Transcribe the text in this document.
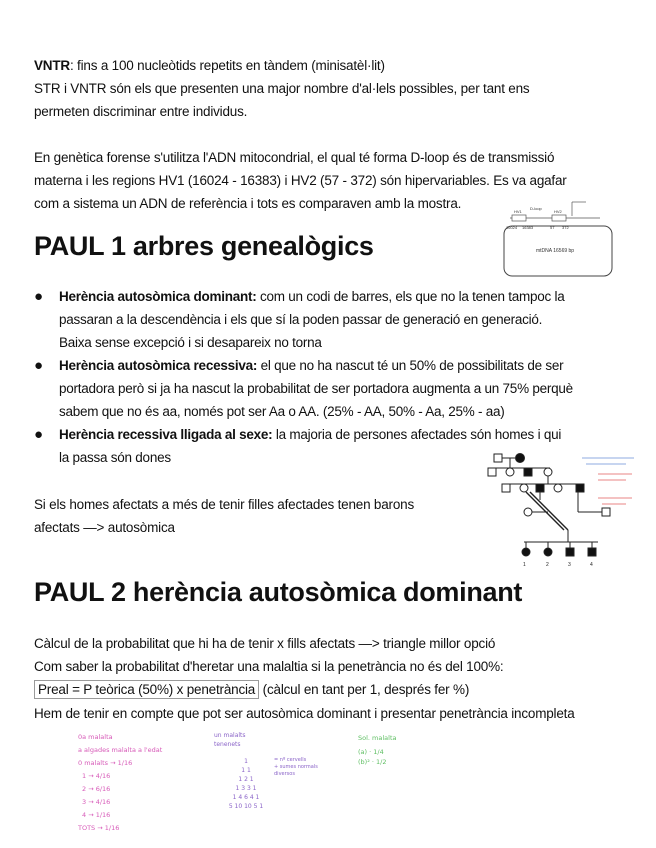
VNTR: fins a 100 nucleòtids repetits en tàndem (minisatèl·lit)
STR i VNTR són els que presenten una major nombre d'al·lels possibles, per tant ens
permeten discriminar entre individus.
En genètica forense s'utilitza l'ADN mitocondrial, el qual té forma D-loop és de transmissió
materna i les regions HV1 (16024 - 16383) i HV2 (57 - 372) són hipervariables. Es va agafar
com a sistema un ADN de referència i tots es comparaven amb la mostra.	D-loop
HV1	HV2
16024 16383	57 372
mtDNA 16569 bp
PAUL 1 arbres genealògics
● Herència autosòmica dominant: com un codi de barres, els que no la tenen tampoc la
passaran a la descendència i els que sí la poden passar de generació en generació.
Baixa sense excepció i si desapareix no torna
● Herència autosòmica recessiva: el que no ha nascut té un 50% de possibilitats de ser
portadora però si ja ha nascut la probabilitat de ser portadora augmenta a un 75% perquè
sabem que no és aa, només pot ser Aa o AA. (25% - AA, 50% - Aa, 25% - aa)
● Herència recessiva lligada al sexe: la majoria de persones afectades són homes i qui
la passa són dones
Si els homes afectats a més de tenir filles afectades tenen barons
afectats —> autosòmica
1	2	3	4
PAUL 2 herència autosòmica dominant
Càlcul de la probabilitat que hi ha de tenir x fills afectats —> triangle millor opció
Com saber la probabilitat d'heretar una malaltia si la penetrància no és del 100%:
Preal = P teòrica (50%) x penetrància (càlcul en tant per 1, després fer %)
Hem de tenir en compte que pot ser autosòmica dominant i presentar penetrància incompleta
0a malalta
a algades malalta a l'edat
0 malalts → 1/16
1 → 4/16
2 → 6/16
3 → 4/16
4 → 1/16
TOTS → 1/16
un malalts
tenenets
1
1 1
1 2 1
1 3 3 1
1 4 6 4 1
5 10 10 5 1
= nº cervells
+ sumes normals
diversos
Sol. malalta
(a) · 1/4
(b)² · 1/2
